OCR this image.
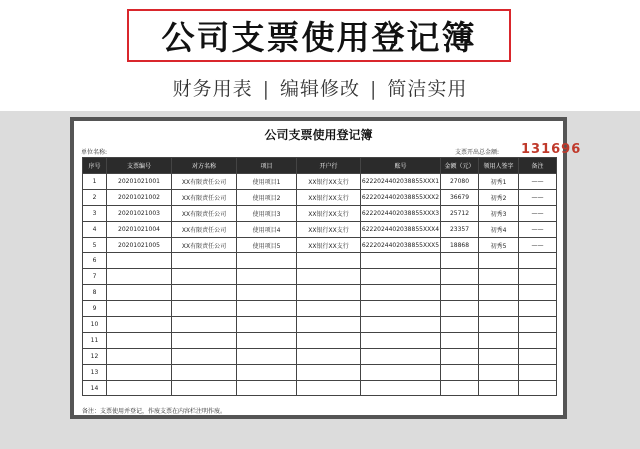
公司支票使用登记簿
财务用表 | 编辑修改 | 简洁实用
公司支票使用登记簿
单位名称:	支票开出总金额: 131696
序号	支票编号	对方名称	项目	开户行	账号	金额（元）	领用人签字	备注
1	20201021001	XX有限责任公司	使用项目1	XX银行XX支行	6222024402038855XXX1	27080	初秀1	——
2	20201021002	XX有限责任公司	使用项目2	XX银行XX支行	6222024402038855XXX2	36679	初秀2	——
3	20201021003	XX有限责任公司	使用项目3	XX银行XX支行	6222024402038855XXX3	25712	初秀3	——
4	20201021004	XX有限责任公司	使用项目4	XX银行XX支行	6222024402038855XXX4	23357	初秀4	——
5	20201021005	XX有限责任公司	使用项目5	XX银行XX支行	6222024402038855XXX5	18868	初秀5	——
6								
7								
8								
9								
10								
11								
12								
13								
14								
备注：支票使用并登记，作废支票在内容栏注明作废。
